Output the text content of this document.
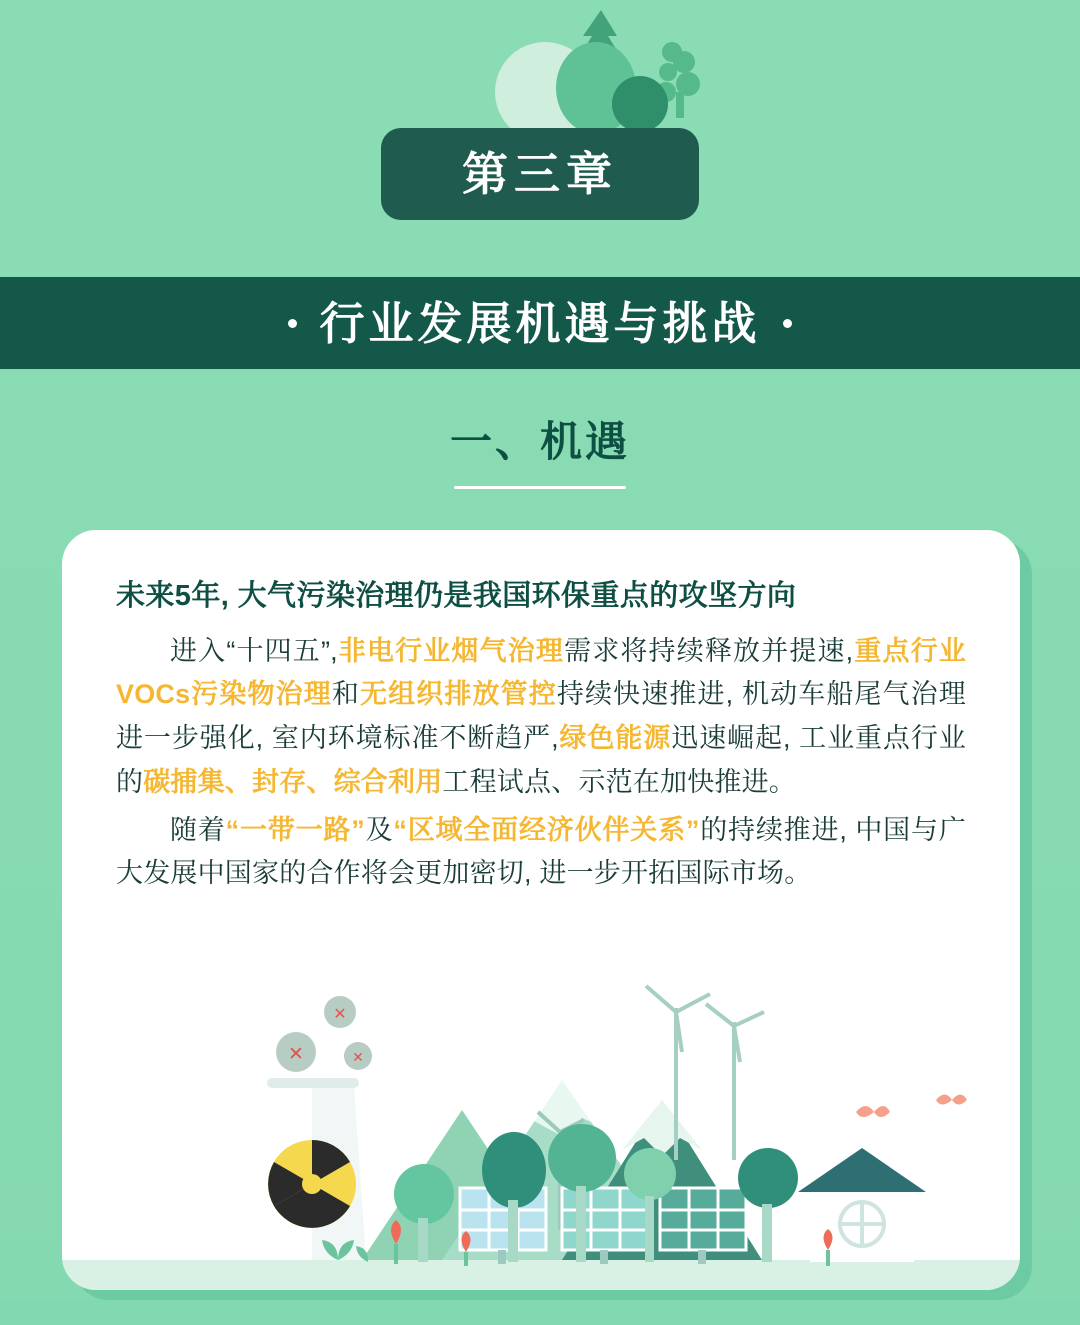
第三章
行业发展机遇与挑战
一、机遇
未来5年, 大气污染治理仍是我国环保重点的攻坚方向

进入“十四五”,非电行业烟气治理需求将持续释放并提速,重点行业VOCs污染物治理和无组织排放管控持续快速推进, 机动车船尾气治理进一步强化, 室内环境标准不断趋严,绿色能源迅速崛起, 工业重点行业的碳捕集、封存、综合利用工程试点、示范在加快推进。

随着“一带一路”及“区域全面经济伙伴关系”的持续推进, 中国与广大发展中国家的合作将会更加密切, 进一步开拓国际市场。

✕
✕	✕
